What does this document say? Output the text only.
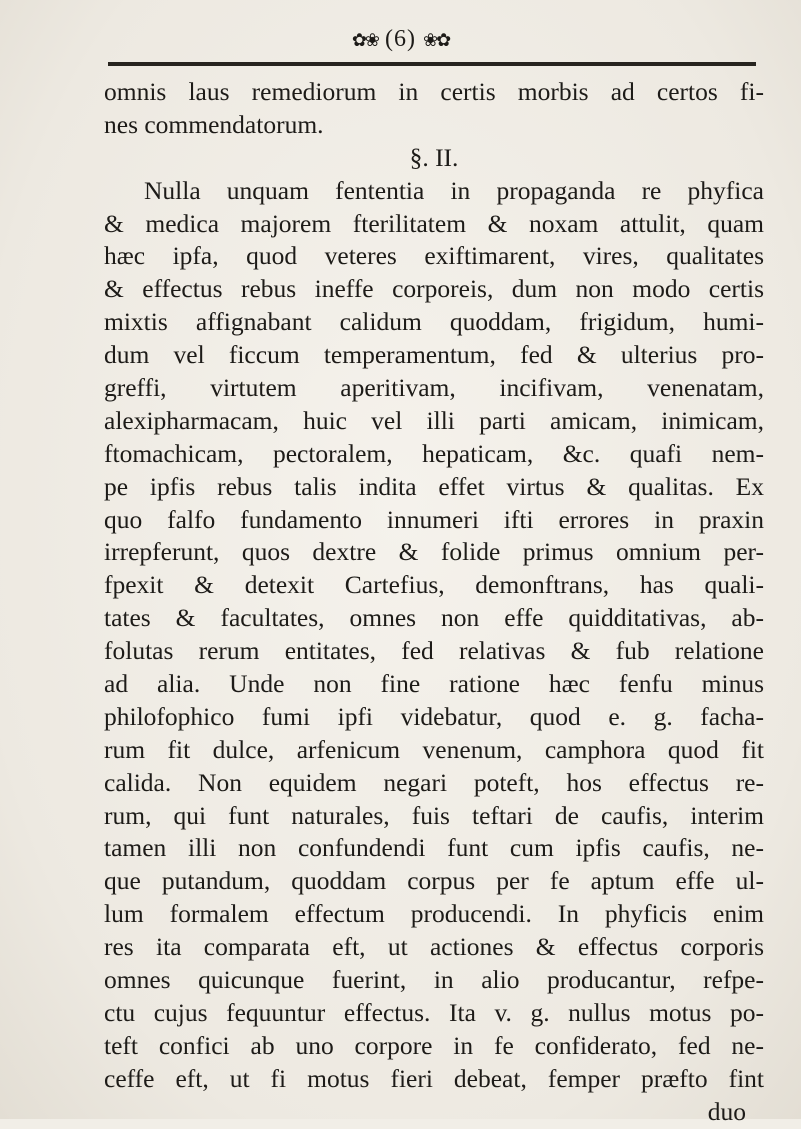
✿❀ (6) ❀✿
omnis laus remediorum in certis morbis ad certos fi-
nes commendatorum.
§. II.
Nulla unquam fententia in propaganda re phyfica
& medica majorem fterilitatem & noxam attulit, quam
hæc ipfa, quod veteres exiftimarent, vires, qualitates
& effectus rebus ineffe corporeis, dum non modo certis
mixtis affignabant calidum quoddam, frigidum, humi-
dum vel ficcum temperamentum, fed & ulterius pro-
greffi, virtutem aperitivam, incifivam, venenatam,
alexipharmacam, huic vel illi parti amicam, inimicam,
ftomachicam, pectoralem, hepaticam, &c. quafi nem-
pe ipfis rebus talis indita effet virtus & qualitas. Ex
quo falfo fundamento innumeri ifti errores in praxin
irrepferunt, quos dextre & folide primus omnium per-
fpexit & detexit Cartefius, demonftrans, has quali-
tates & facultates, omnes non effe quidditativas, ab-
folutas rerum entitates, fed relativas & fub relatione
ad alia. Unde non fine ratione hæc fenfu minus
philofophico fumi ipfi videbatur, quod e. g. facha-
rum fit dulce, arfenicum venenum, camphora quod fit
calida. Non equidem negari poteft, hos effectus re-
rum, qui funt naturales, fuis teftari de caufis, interim
tamen illi non confundendi funt cum ipfis caufis, ne-
que putandum, quoddam corpus per fe aptum effe ul-
lum formalem effectum producendi. In phyficis enim
res ita comparata eft, ut actiones & effectus corporis
omnes quicunque fuerint, in alio producantur, refpe-
ctu cujus fequuntur effectus. Ita v. g. nullus motus po-
teft confici ab uno corpore in fe confiderato, fed ne-
ceffe eft, ut fi motus fieri debeat, femper præfto fint
duo
